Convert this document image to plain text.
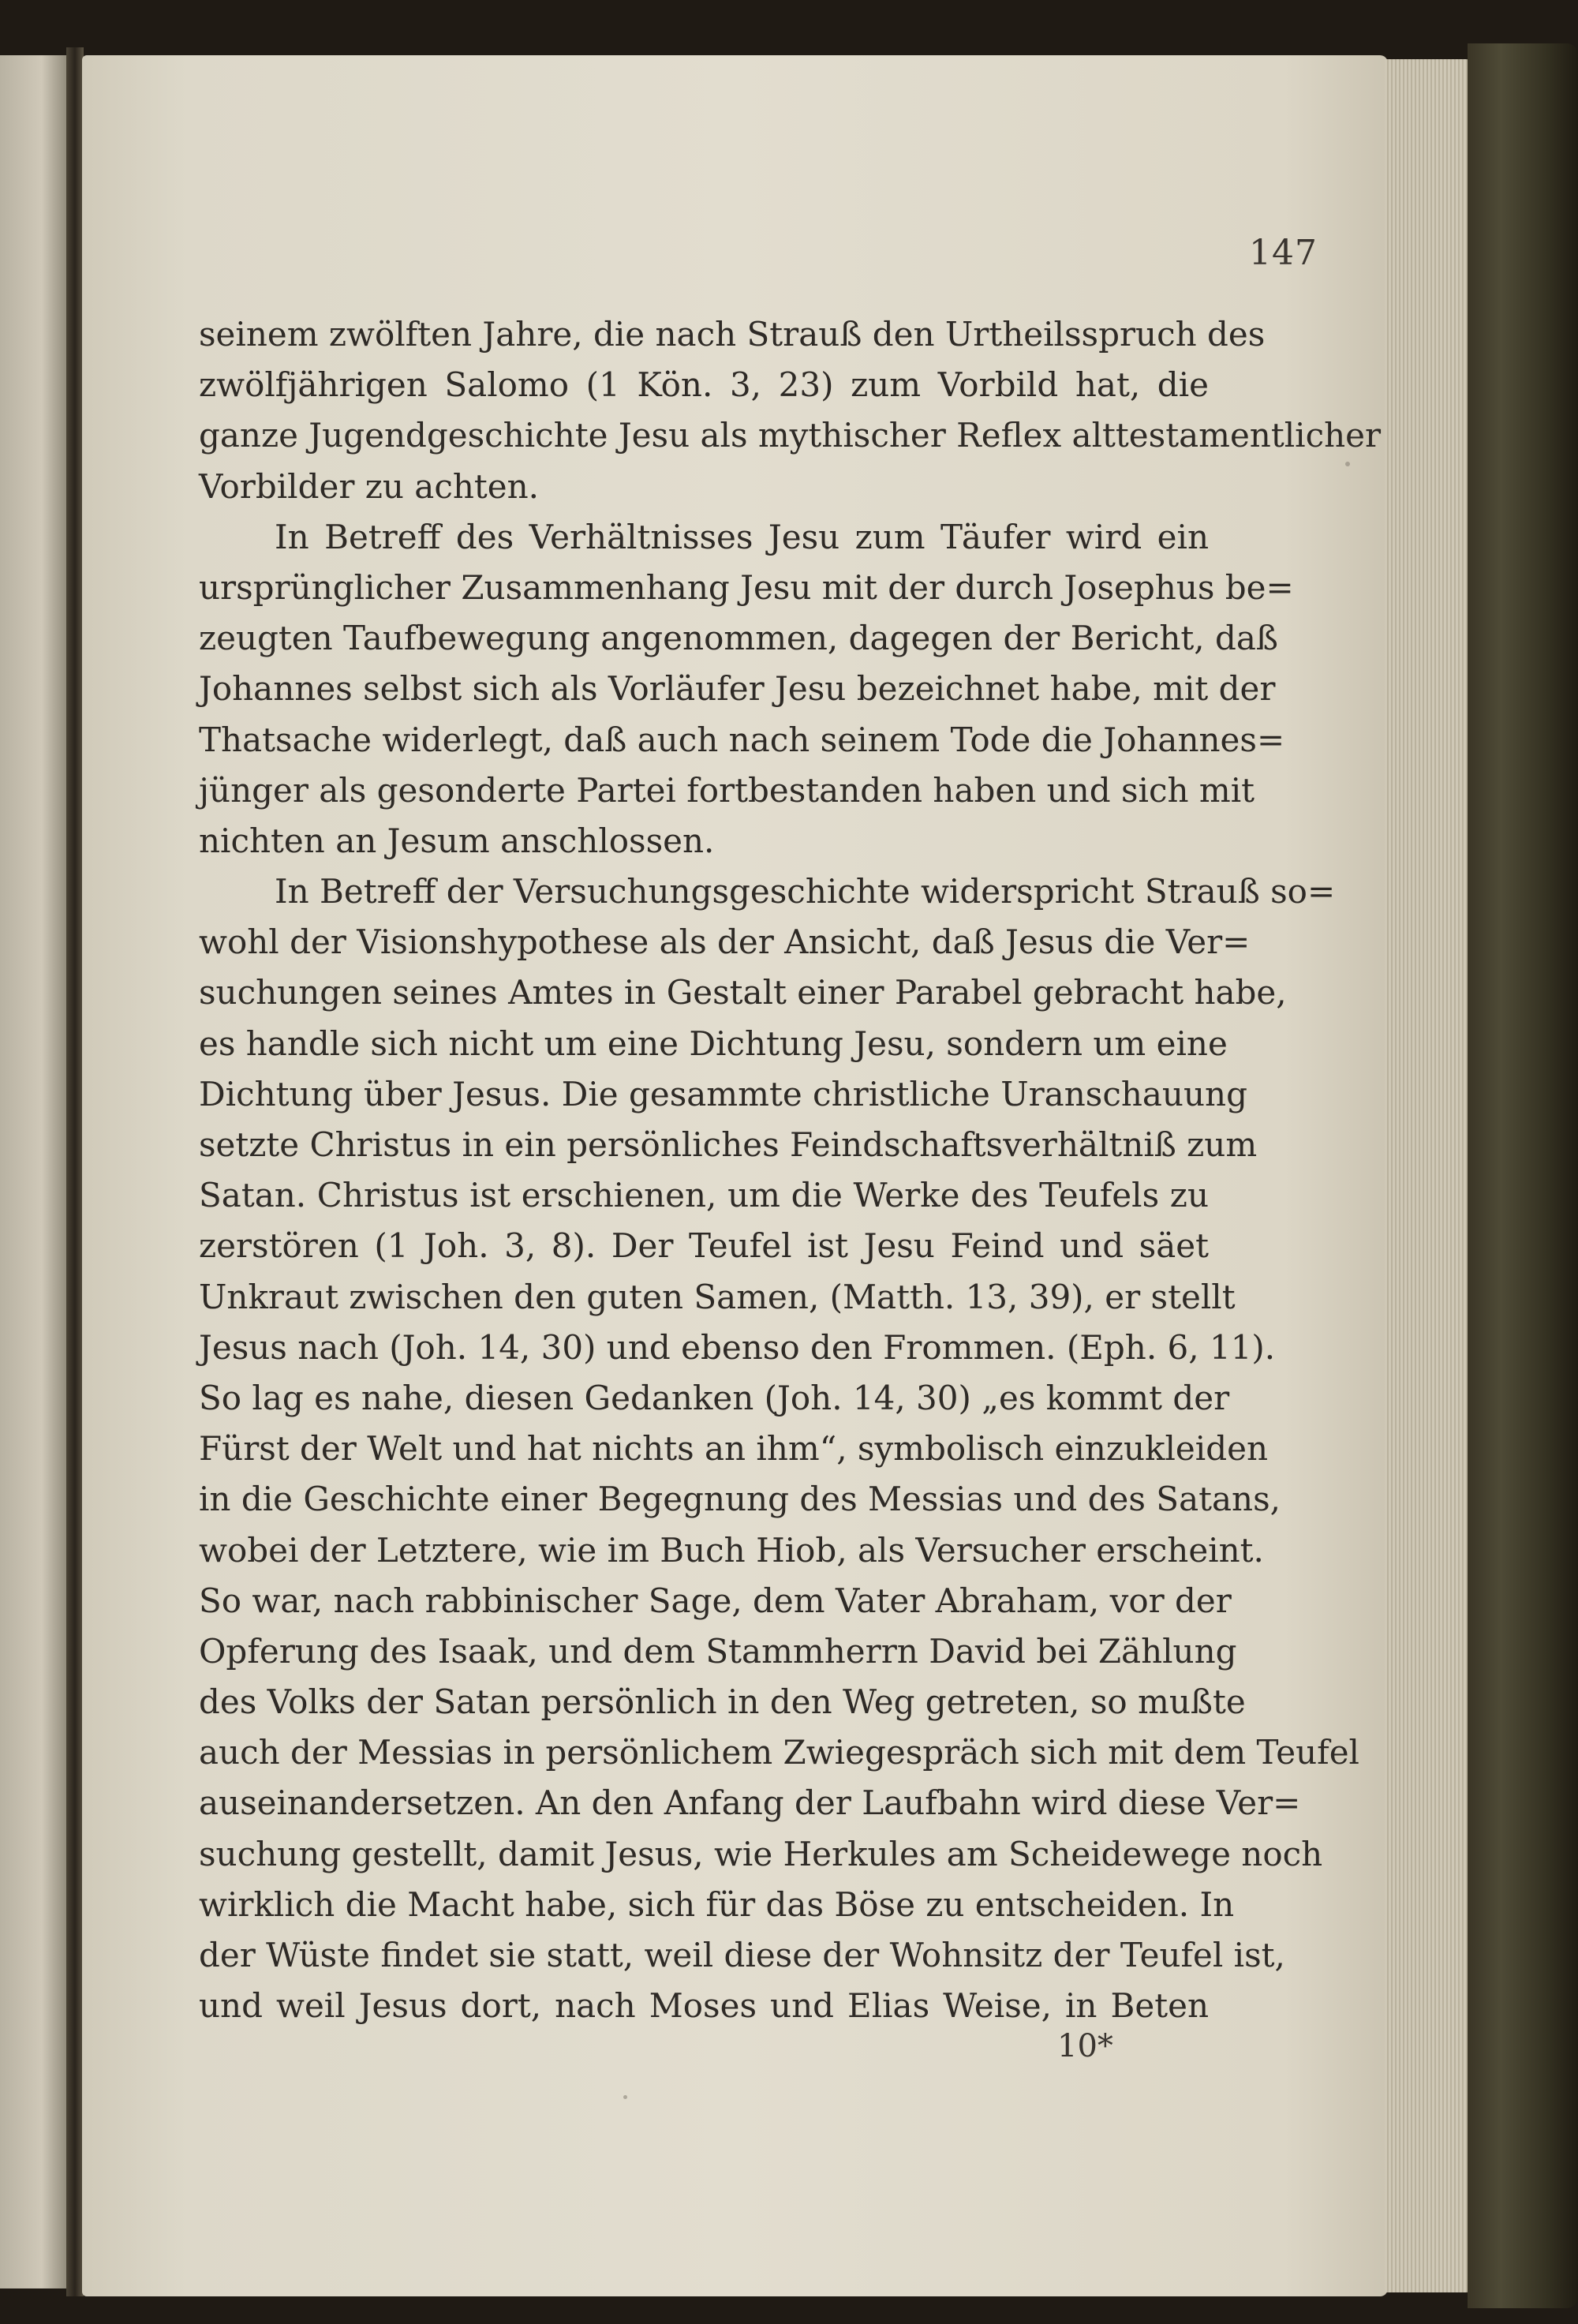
147
seinem zwölften Jahre, die nach Strauß den Urtheilsspruch des
zwölfjährigen Salomo (1 Kön. 3, 23) zum Vorbild hat, die
ganze Jugendgeschichte Jesu als mythischer Reflex alttestamentlicher
Vorbilder zu achten.
In Betreff des Verhältnisses Jesu zum Täufer wird ein
ursprünglicher Zusammenhang Jesu mit der durch Josephus be=
zeugten Taufbewegung angenommen, dagegen der Bericht, daß
Johannes selbst sich als Vorläufer Jesu bezeichnet habe, mit der
Thatsache widerlegt, daß auch nach seinem Tode die Johannes=
jünger als gesonderte Partei fortbestanden haben und sich mit
nichten an Jesum anschlossen.
In Betreff der Versuchungsgeschichte widerspricht Strauß so=
wohl der Visionshypothese als der Ansicht, daß Jesus die Ver=
suchungen seines Amtes in Gestalt einer Parabel gebracht habe,
es handle sich nicht um eine Dichtung Jesu, sondern um eine
Dichtung über Jesus. Die gesammte christliche Uranschauung
setzte Christus in ein persönliches Feindschaftsverhältniß zum
Satan. Christus ist erschienen, um die Werke des Teufels zu
zerstören (1 Joh. 3, 8). Der Teufel ist Jesu Feind und säet
Unkraut zwischen den guten Samen, (Matth. 13, 39), er stellt
Jesus nach (Joh. 14, 30) und ebenso den Frommen. (Eph. 6, 11).
So lag es nahe, diesen Gedanken (Joh. 14, 30) „es kommt der
Fürst der Welt und hat nichts an ihm“, symbolisch einzukleiden
in die Geschichte einer Begegnung des Messias und des Satans,
wobei der Letztere, wie im Buch Hiob, als Versucher erscheint.
So war, nach rabbinischer Sage, dem Vater Abraham, vor der
Opferung des Isaak, und dem Stammherrn David bei Zählung
des Volks der Satan persönlich in den Weg getreten, so mußte
auch der Messias in persönlichem Zwiegespräch sich mit dem Teufel
auseinandersetzen. An den Anfang der Laufbahn wird diese Ver=
suchung gestellt, damit Jesus, wie Herkules am Scheidewege noch
wirklich die Macht habe, sich für das Böse zu entscheiden. In
der Wüste findet sie statt, weil diese der Wohnsitz der Teufel ist,
und weil Jesus dort, nach Moses und Elias Weise, in Beten
10*
